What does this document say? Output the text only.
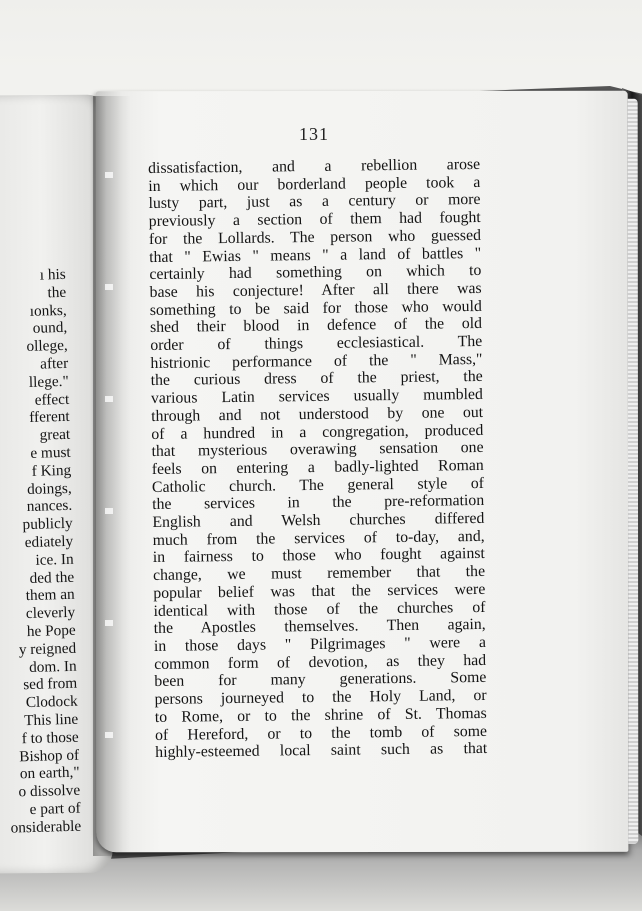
ı his
the
ıonks,
ound,
ollege,
after
llege."
effect
fferent
great
e must
f King
doings,
nances.
publicly
ediately
ice. In
ded the
them an
cleverly
he Pope
y reigned
dom. In
sed from
Clodock
This line
f to those
Bishop of
on earth,"
o dissolve
e part of
onsiderable
131
dissatisfaction, and a rebellion arose
in which our borderland people took a
lusty part, just as a century or more
previously a section of them had fought
for the Lollards. The person who guessed
that " Ewias " means " a land of battles "
certainly had something on which to
base his conjecture! After all there was
something to be said for those who would
shed their blood in defence of the old
order of things ecclesiastical. The
histrionic performance of the " Mass,"
the curious dress of the priest, the
various Latin services usually mumbled
through and not understood by one out
of a hundred in a congregation, produced
that mysterious overawing sensation one
feels on entering a badly-lighted Roman
Catholic church. The general style of
the services in the pre-reformation
English and Welsh churches differed
much from the services of to-day, and,
in fairness to those who fought against
change, we must remember that the
popular belief was that the services were
identical with those of the churches of
the Apostles themselves. Then again,
in those days " Pilgrimages " were a
common form of devotion, as they had
been for many generations. Some
persons journeyed to the Holy Land, or
to Rome, or to the shrine of St. Thomas
of Hereford, or to the tomb of some
highly-esteemed local saint such as that
